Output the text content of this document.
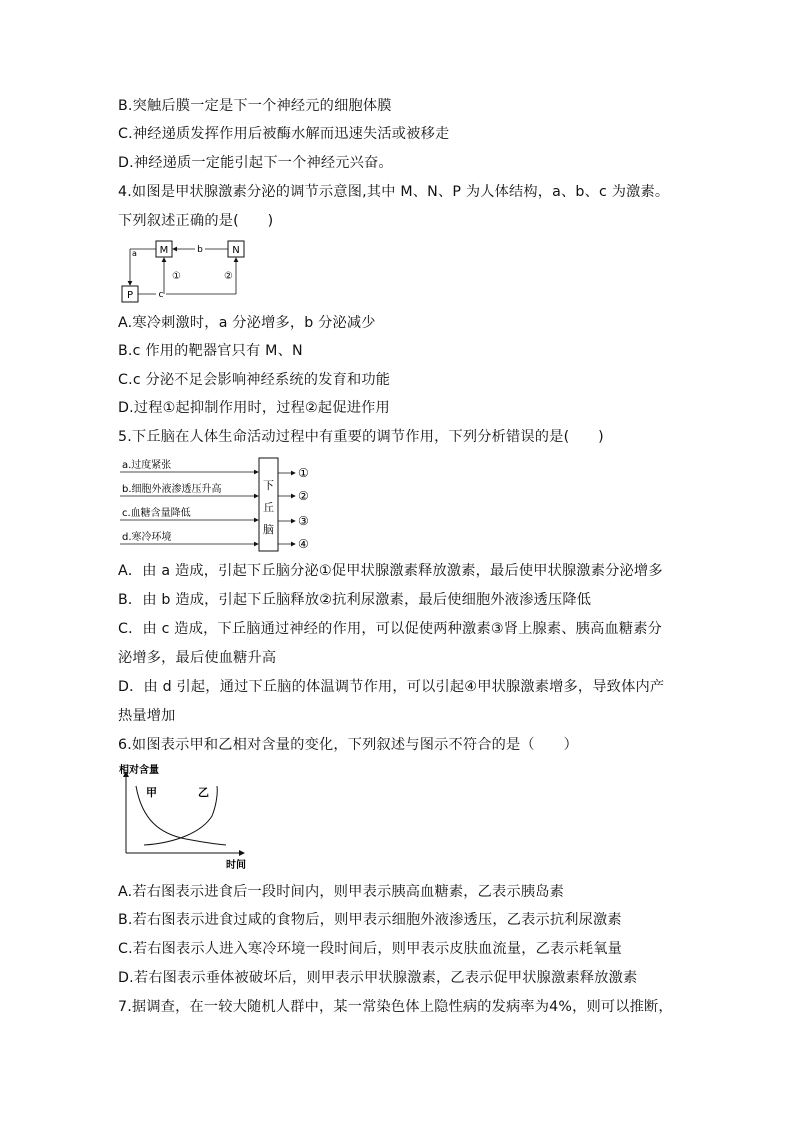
B.突触后膜一定是下一个神经元的细胞体膜
C.神经递质发挥作用后被酶水解而迅速失活或被移走
D.神经递质一定能引起下一个神经元兴奋。
4.如图是甲状腺激素分泌的调节示意图,其中 M、N、P 为人体结构，a、b、c 为激素。
下列叙述正确的是(　　)
M	N
P
b
a
c
①	②
A.寒冷刺激时，a 分泌增多，b 分泌减少
B.c 作用的靶器官只有 M、N
C.c 分泌不足会影响神经系统的发育和功能
D.过程①起抑制作用时，过程②起促进作用
5.下丘脑在人体生命活动过程中有重要的调节作用，下列分析错误的是(　　)
下
丘
脑
a.过度紧张
b.细胞外液渗透压升高
c.血糖含量降低
d.寒冷环境
①
②
③
④
A．由 a 造成，引起下丘脑分泌①促甲状腺激素释放激素，最后使甲状腺激素分泌增多
B．由 b 造成，引起下丘脑释放②抗利尿激素，最后使细胞外液渗透压降低
C．由 c 造成，下丘脑通过神经的作用，可以促使两种激素③肾上腺素、胰高血糖素分
泌增多，最后使血糖升高
D．由 d 引起，通过下丘脑的体温调节作用，可以引起④甲状腺激素增多，导致体内产
热量增加
6.如图表示甲和乙相对含量的变化，下列叙述与图示不符合的是（　　）
相对含量
时间
甲	乙
A.若右图表示进食后一段时间内，则甲表示胰高血糖素，乙表示胰岛素
B.若右图表示进食过咸的食物后，则甲表示细胞外液渗透压，乙表示抗利尿激素
C.若右图表示人进入寒冷环境一段时间后，则甲表示皮肤血流量，乙表示耗氧量
D.若右图表示垂体被破坏后，则甲表示甲状腺激素，乙表示促甲状腺激素释放激素
7.据调查，在一较大随机人群中，某一常染色体上隐性病的发病率为4%，则可以推断，
